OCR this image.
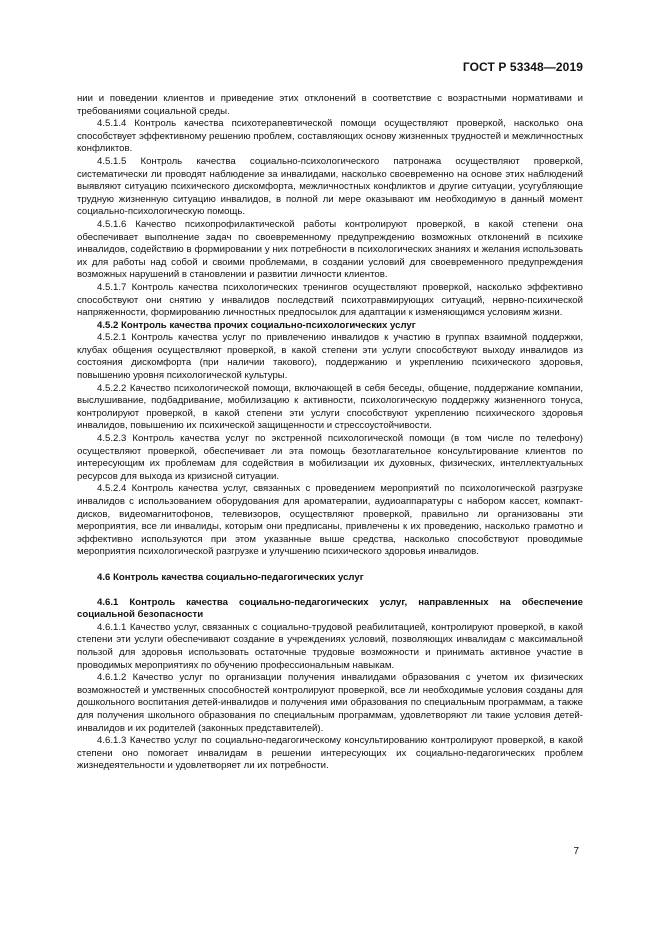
ГОСТ Р 53348—2019

нии и поведении клиентов и приведение этих отклонений в соответствие с возрастными нормативами и требованиями социальной среды.

4.5.1.4 Контроль качества психотерапевтической помощи осуществляют проверкой, насколько она способствует эффективному решению проблем, составляющих основу жизненных трудностей и межличностных конфликтов.

4.5.1.5 Контроль качества социально-психологического патронажа осуществляют проверкой, систематически ли проводят наблюдение за инвалидами, насколько своевременно на основе этих наблюдений выявляют ситуацию психического дискомфорта, межличностных конфликтов и другие ситуации, усугубляющие трудную жизненную ситуацию инвалидов, в полной ли мере оказывают им необходимую в данный момент социально-психологическую помощь.

4.5.1.6 Качество психопрофилактической работы контролируют проверкой, в какой степени она обеспечивает выполнение задач по своевременному предупреждению возможных отклонений в психике инвалидов, содействию в формировании у них потребности в психологических знаниях и желания использовать их для работы над собой и своими проблемами, в создании условий для своевременного предупреждения возможных нарушений в становлении и развитии личности клиентов.

4.5.1.7 Контроль качества психологических тренингов осуществляют проверкой, насколько эффективно способствуют они снятию у инвалидов последствий психотравмирующих ситуаций, нервно-психической напряженности, формированию личностных предпосылок для адаптации к изменяющимся условиям жизни.

4.5.2 Контроль качества прочих социально-психологических услуг

4.5.2.1 Контроль качества услуг по привлечению инвалидов к участию в группах взаимной поддержки, клубах общения осуществляют проверкой, в какой степени эти услуги способствуют выходу инвалидов из состояния дискомфорта (при наличии такового), поддержанию и укреплению психического здоровья, повышению уровня психологической культуры.

4.5.2.2 Качество психологической помощи, включающей в себя беседы, общение, поддержание компании, выслушивание, подбадривание, мобилизацию к активности, психологическую поддержку жизненного тонуса, контролируют проверкой, в какой степени эти услуги способствуют укреплению психического здоровья инвалидов, повышению их психической защищенности и стрессоустойчивости.

4.5.2.3 Контроль качества услуг по экстренной психологической помощи (в том числе по телефону) осуществляют проверкой, обеспечивает ли эта помощь безотлагательное консультирование клиентов по интересующим их проблемам для содействия в мобилизации их духовных, физических, интеллектуальных ресурсов для выхода из кризисной ситуации.

4.5.2.4 Контроль качества услуг, связанных с проведением мероприятий по психологической разгрузке инвалидов с использованием оборудования для ароматерапии, аудиоаппаратуры с набором кассет, компакт-дисков, видеомагнитофонов, телевизоров, осуществляют проверкой, правильно ли организованы эти мероприятия, все ли инвалиды, которым они предписаны, привлечены к их проведению, насколько грамотно и эффективно используются при этом указанные выше средства, насколько способствуют проводимые мероприятия психологической разгрузке и улучшению психического здоровья инвалидов.

4.6 Контроль качества социально-педагогических услуг

4.6.1 Контроль качества социально-педагогических услуг, направленных на обеспечение социальной безопасности

4.6.1.1 Качество услуг, связанных с социально-трудовой реабилитацией, контролируют проверкой, в какой степени эти услуги обеспечивают создание в учреждениях условий, позволяющих инвалидам с максимальной пользой для здоровья использовать остаточные трудовые возможности и принимать активное участие в проводимых мероприятиях по обучению профессиональным навыкам.

4.6.1.2 Качество услуг по организации получения инвалидами образования с учетом их физических возможностей и умственных способностей контролируют проверкой, все ли необходимые условия созданы для дошкольного воспитания детей-инвалидов и получения ими образования по специальным программам, а также для получения школьного образования по специальным программам, удовлетворяют ли такие условия детей-инвалидов и их родителей (законных представителей).

4.6.1.3 Качество услуг по социально-педагогическому консультированию контролируют проверкой, в какой степени оно помогает инвалидам в решении интересующих их социально-педагогических проблем жизнедеятельности и удовлетворяет ли их потребности.

7
